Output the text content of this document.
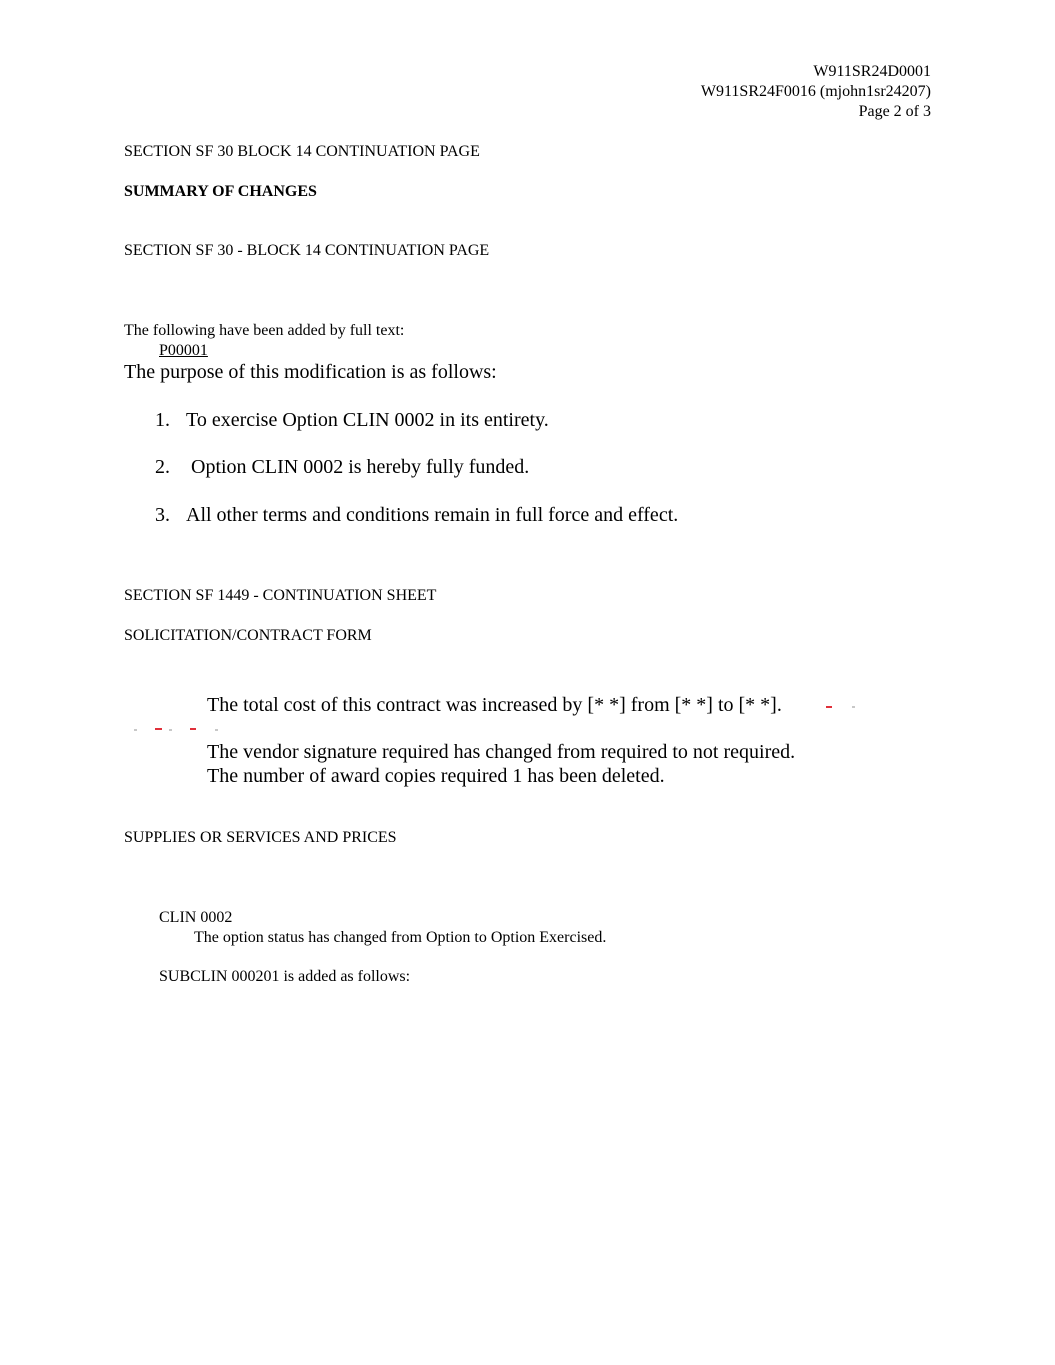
W911SR24D0001
W911SR24F0016 (mjohn1sr24207)
Page 2 of 3
SECTION SF 30 BLOCK 14 CONTINUATION PAGE
SUMMARY OF CHANGES
SECTION SF 30 - BLOCK 14 CONTINUATION PAGE
The following have been added by full text:
P00001
The purpose of this modification is as follows:
1. To exercise Option CLIN 0002 in its entirety.
2. Option CLIN 0002 is hereby fully funded.
3. All other terms and conditions remain in full force and effect.
SECTION SF 1449 - CONTINUATION SHEET
SOLICITATION/CONTRACT FORM
The total cost of this contract was increased by [* *] from [* *] to [* *].
The vendor signature required has changed from required to not required.
The number of award copies required 1 has been deleted.
SUPPLIES OR SERVICES AND PRICES
CLIN 0002
The option status has changed from Option to Option Exercised.
SUBCLIN 000201 is added as follows:
